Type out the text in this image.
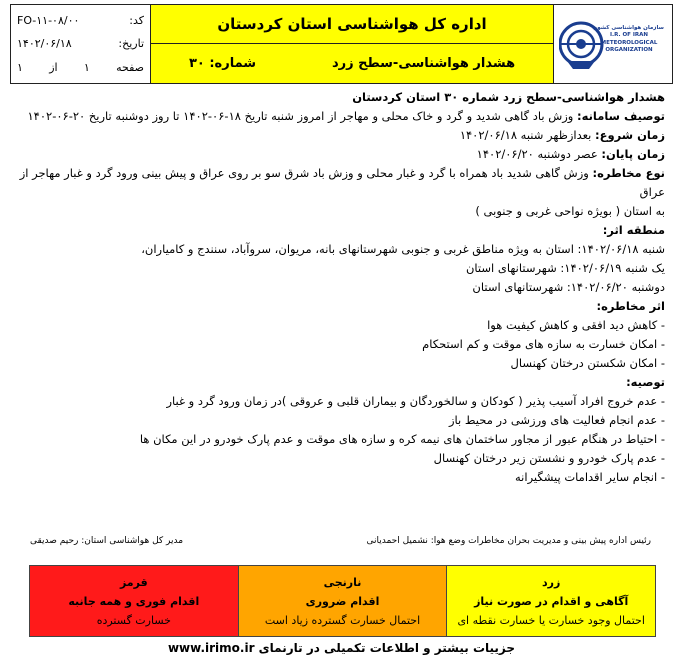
کد:
FO-۱۱-۰۸/۰۰
تاریخ:
۱۴۰۲/۰۶/۱۸
صفحه
۱
از
۱
اداره کل هواشناسی استان کردستان
هشدار هواشناسی-سطح زرد
شماره: ۳۰
سازمان هواشناسی کشور
I.R. OF IRAN
METEOROLOGICAL
ORGANIZATION

هشدار هواشناسی-سطح زرد شماره ۳۰ استان کردستان

توصیف سامانه: وزش باد گاهی شدید و گرد و خاک محلی و مهاجر از امروز شنبه تاریخ ۱۸-۰۶-۱۴۰۲ تا روز دوشنبه تاریخ ۲۰-۰۶-۱۴۰۲

زمان شروع: بعدازظهر شنبه ۱۴۰۲/۰۶/۱۸

زمان پایان: عصر دوشنبه ۱۴۰۲/۰۶/۲۰

نوع مخاطره: وزش گاهی شدید باد همراه با گرد و غبار محلی و وزش باد شرق سو بر روی عراق و پیش بینی ورود گرد و غبار مهاجر از عراق

به استان ( بویژه نواحی غربی و جنوبی )

منطقه اثر:

شنبه ۱۴۰۲/۰۶/۱۸: استان به ویژه مناطق غربی و جنوبی شهرستانهای بانه، مریوان، سروآباد، سنندج و کامیاران،

یک شنبه ۱۴۰۲/۰۶/۱۹: شهرستانهای استان

دوشنبه ۱۴۰۲/۰۶/۲۰: شهرستانهای استان

اثر مخاطره:

- کاهش دید افقی و کاهش کیفیت هوا

- امکان خسارت به سازه های موقت و کم استحکام

- امکان شکستن درختان کهنسال

توصیه:

- عدم خروج افراد آسیب پذیر ( کودکان و سالخوردگان و بیماران قلبی و عروقی )در زمان ورود گرد و غبار

- عدم انجام فعالیت های ورزشی در محیط باز

- احتیاط در هنگام عبور از مجاور ساختمان های نیمه کره و سازه های موقت و عدم پارک خودرو در این مکان ها

- عدم پارک خودرو و نشستن زیر درختان کهنسال

- انجام سایر اقدامات پیشگیرانه

رئیس اداره پیش بینی و مدیریت بحران مخاطرات وضع هوا: نشمیل احمدیانی
مدیر کل هواشناسی استان: رحیم صدیقی
زرد
آگاهی و اقدام در صورت نیاز
احتمال وجود خسارت یا خسارت نقطه ای
نارنجی
اقدام ضروری
احتمال خسارت گسترده زیاد است
قرمز
اقدام فوری و همه جانبه
خسارت گسترده
جزییات بیشتر و اطلاعات تکمیلی در تارنمای www.irimo.ir
